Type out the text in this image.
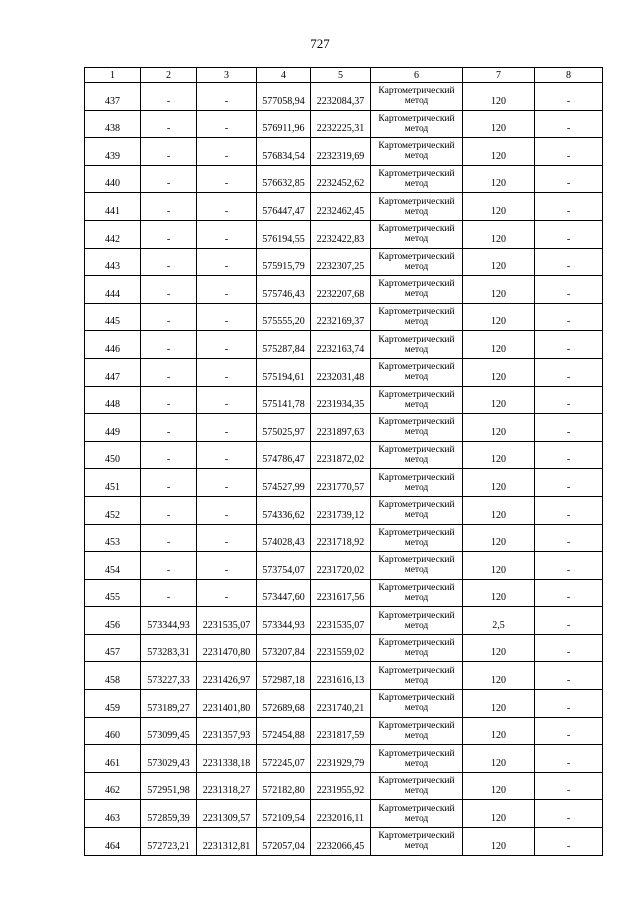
727
1	2	3	4	5	6	7	8
437	-	-	577058,94	2232084,37	Картометрический метод	120	-
438	-	-	576911,96	2232225,31	Картометрический метод	120	-
439	-	-	576834,54	2232319,69	Картометрический метод	120	-
440	-	-	576632,85	2232452,62	Картометрический метод	120	-
441	-	-	576447,47	2232462,45	Картометрический метод	120	-
442	-	-	576194,55	2232422,83	Картометрический метод	120	-
443	-	-	575915,79	2232307,25	Картометрический метод	120	-
444	-	-	575746,43	2232207,68	Картометрический метод	120	-
445	-	-	575555,20	2232169,37	Картометрический метод	120	-
446	-	-	575287,84	2232163,74	Картометрический метод	120	-
447	-	-	575194,61	2232031,48	Картометрический метод	120	-
448	-	-	575141,78	2231934,35	Картометрический метод	120	-
449	-	-	575025,97	2231897,63	Картометрический метод	120	-
450	-	-	574786,47	2231872,02	Картометрический метод	120	-
451	-	-	574527,99	2231770,57	Картометрический метод	120	-
452	-	-	574336,62	2231739,12	Картометрический метод	120	-
453	-	-	574028,43	2231718,92	Картометрический метод	120	-
454	-	-	573754,07	2231720,02	Картометрический метод	120	-
455	-	-	573447,60	2231617,56	Картометрический метод	120	-
456	573344,93	2231535,07	573344,93	2231535,07	Картометрический метод	2,5	-
457	573283,31	2231470,80	573207,84	2231559,02	Картометрический метод	120	-
458	573227,33	2231426,97	572987,18	2231616,13	Картометрический метод	120	-
459	573189,27	2231401,80	572689,68	2231740,21	Картометрический метод	120	-
460	573099,45	2231357,93	572454,88	2231817,59	Картометрический метод	120	-
461	573029,43	2231338,18	572245,07	2231929,79	Картометрический метод	120	-
462	572951,98	2231318,27	572182,80	2231955,92	Картометрический метод	120	-
463	572859,39	2231309,57	572109,54	2232016,11	Картометрический метод	120	-
464	572723,21	2231312,81	572057,04	2232066,45	Картометрический метод	120	-
